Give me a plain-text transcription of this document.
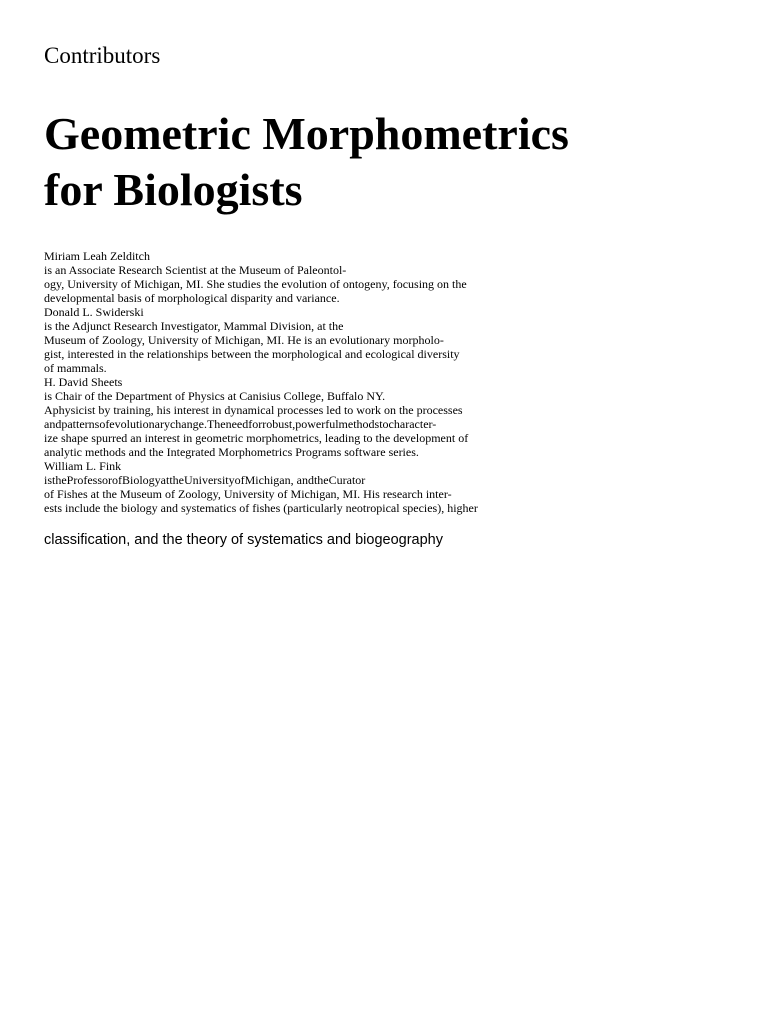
Contributors
Geometric Morphometrics
for Biologists
Miriam Leah Zelditch
is an Associate Research Scientist at the Museum of Paleontol-
ogy, University of Michigan, MI. She studies the evolution of ontogeny, focusing on the
developmental basis of morphological disparity and variance.
Donald L. Swiderski
is the Adjunct Research Investigator, Mammal Division, at the
Museum of Zoology, University of Michigan, MI. He is an evolutionary morpholo-
gist, interested in the relationships between the morphological and ecological diversity
of mammals.
H. David Sheets
is Chair of the Department of Physics at Canisius College, Buffalo NY.
Aphysicist by training, his interest in dynamical processes led to work on the processes
andpatternsofevolutionarychange.Theneedforrobust,powerfulmethodstocharacter-
ize shape spurred an interest in geometric morphometrics, leading to the development of
analytic methods and the Integrated Morphometrics Programs software series.
William L. Fink
istheProfessorofBiologyattheUniversityofMichigan, andtheCurator
of Fishes at the Museum of Zoology, University of Michigan, MI. His research inter-
ests include the biology and systematics of fishes (particularly neotropical species), higher
classification, and the theory of systematics and biogeography
